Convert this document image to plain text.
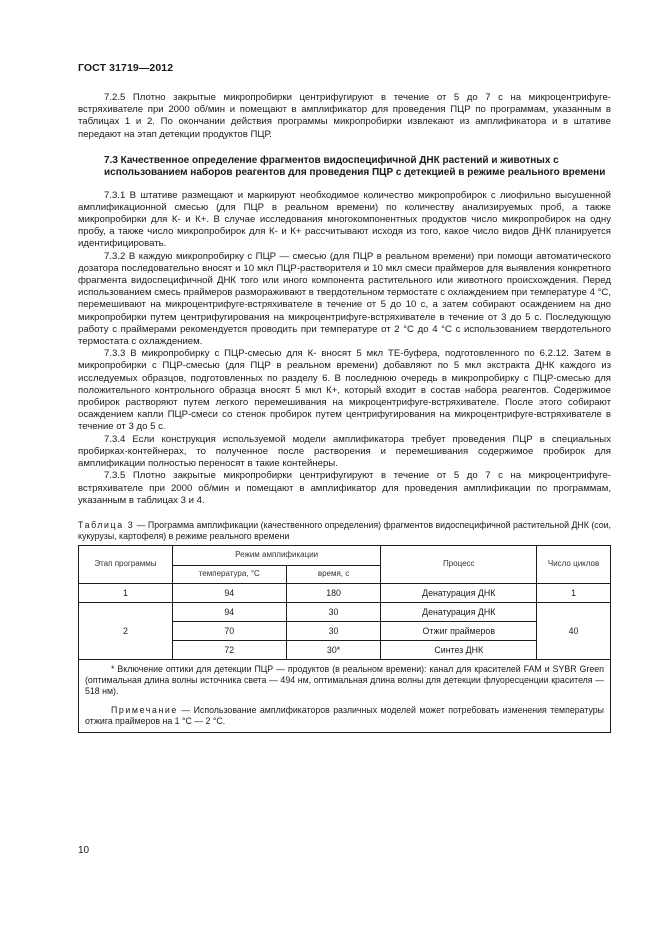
ГОСТ 31719—2012

7.2.5 Плотно закрытые микропробирки центрифугируют в течение от 5 до 7 с на микроцентрифуге-встряхивателе при 2000 об/мин и помещают в амплификатор для проведения ПЦР по программам, указанным в таблицах 1 и 2. По окончании действия программы микропробирки извлекают из амплификатора и в штативе передают на этап детекции продуктов ПЦР.

7.3 Качественное определение фрагментов видоспецифичной ДНК растений и животных с использованием наборов реагентов для проведения ПЦР с детекцией в режиме реального времени

7.3.1 В штативе размещают и маркируют необходимое количество микропробирок с лиофильно высушенной амплификационной смесью (для ПЦР в реальном времени) по количеству анализируемых проб, а также микропробирки для К- и К+. В случае исследования многокомпонентных продуктов число микропробирок на одну пробу, а также число микропробирок для К- и К+ рассчитывают исходя из того, какое число видов ДНК планируется идентифицировать.

7.3.2 В каждую микропробирку с ПЦР — смесью (для ПЦР в реальном времени) при помощи автоматического дозатора последовательно вносят и 10 мкл ПЦР-растворителя и 10 мкл смеси праймеров для выявления конкретного фрагмента видоспецифичной ДНК того или иного компонента растительного или животного происхождения. Перед использованием смесь праймеров размораживают в твердотельном термостате с охлаждением при температуре 4 °С, перемешивают на микроцентрифуге-встряхивателе в течение от 5 до 10 с, а затем собирают осаждением на дно микропробирки путем центрифугирования на микроцентрифуге-встряхивателе в течение от 3 до 5 с. Последующую работу с праймерами рекомендуется проводить при температуре от 2 °С до 4 °С с использованием твердотельного термостата с охлаждением.

7.3.3 В микропробирку с ПЦР-смесью для К- вносят 5 мкл ТЕ-буфера, подготовленного по 6.2.12. Затем в микропробирки с ПЦР-смесью (для ПЦР в реальном времени) добавляют по 5 мкл экстракта ДНК каждого из исследуемых образцов, подготовленных по разделу 6. В последнюю очередь в микропробирку с ПЦР-смесью для положительного контрольного образца вносят 5 мкл К+, который входит в состав набора реагентов. Содержимое пробирок растворяют путем легкого перемешивания на микроцентрифуге-встряхивателе. После этого собирают осаждением капли ПЦР-смеси со стенок пробирок путем центрифугирования на микроцентрифуге-встряхивателе в течение от 3 до 5 с.

7.3.4 Если конструкция используемой модели амплификатора требует проведения ПЦР в специальных пробирках-контейнерах, то полученное после растворения и перемешивания содержимое пробирок для амплификации полностью переносят в такие контейнеры.

7.3.5 Плотно закрытые микропробирки центрифугируют в течение от 5 до 7 с на микроцентрифуге-встряхивателе при 2000 об/мин и помещают в амплификатор для проведения амплификации по программам, указанным в таблицах 3 и 4.

Таблица 3 — Программа амплификации (качественного определения) фрагментов видоспецифичной растительной ДНК (сои, кукурузы, картофеля) в режиме реального времени
Этап программы	Режим амплификации		Процесс	Число циклов
	температура, °С	время, с		
1	94	180	Денатурация ДНК	1
2	94	30	Денатурация ДНК	40
	70	30	Отжиг праймеров	
	72	30*	Синтез ДНК	

* Включение оптики для детекции ПЦР — продуктов (в реальном времени): канал для красителей FAM и SYBR Green (оптимальная длина волны источника света — 494 нм, оптимальная длина волны для детекции флуоресценции красителя — 518 нм).

Примечание — Использование амплификаторов различных моделей может потребовать изменения температуры отжига праймеров на 1 °С — 2 °С.				

10
